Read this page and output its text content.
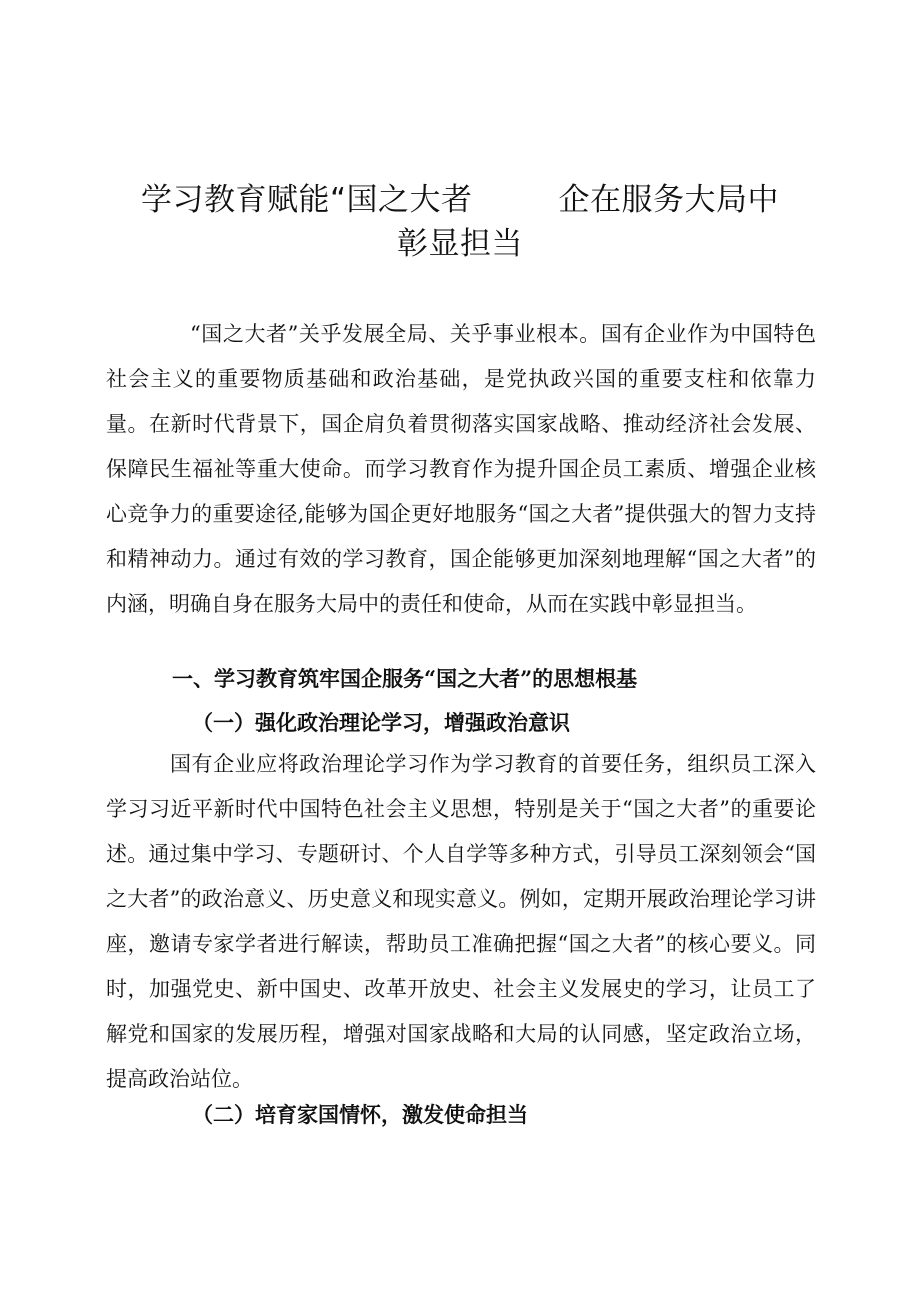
学习教育赋能“国之大者	企在服务大局中
彰显担当

“国之大者”关乎发展全局、关乎事业根本。国有企业作为中国特色社会主义的重要物质基础和政治基础，是党执政兴国的重要支柱和依靠力量。在新时代背景下，国企肩负着贯彻落实国家战略、推动经济社会发展、保障民生福祉等重大使命。而学习教育作为提升国企员工素质、增强企业核心竞争力的重要途径,能够为国企更好地服务“国之大者”提供强大的智力支持和精神动力。通过有效的学习教育，国企能够更加深刻地理解“国之大者”的内涵，明确自身在服务大局中的责任和使命，从而在实践中彰显担当。

一、学习教育筑牢国企服务“国之大者”的思想根基
（一）强化政治理论学习，增强政治意识

国有企业应将政治理论学习作为学习教育的首要任务，组织员工深入学习习近平新时代中国特色社会主义思想，特别是关于“国之大者”的重要论述。通过集中学习、专题研讨、个人自学等多种方式，引导员工深刻领会“国之大者”的政治意义、历史意义和现实意义。例如，定期开展政治理论学习讲座，邀请专家学者进行解读，帮助员工准确把握“国之大者”的核心要义。同时，加强党史、新中国史、改革开放史、社会主义发展史的学习，让员工了解党和国家的发展历程，增强对国家战略和大局的认同感，坚定政治立场，提高政治站位。

（二）培育家国情怀，激发使命担当
